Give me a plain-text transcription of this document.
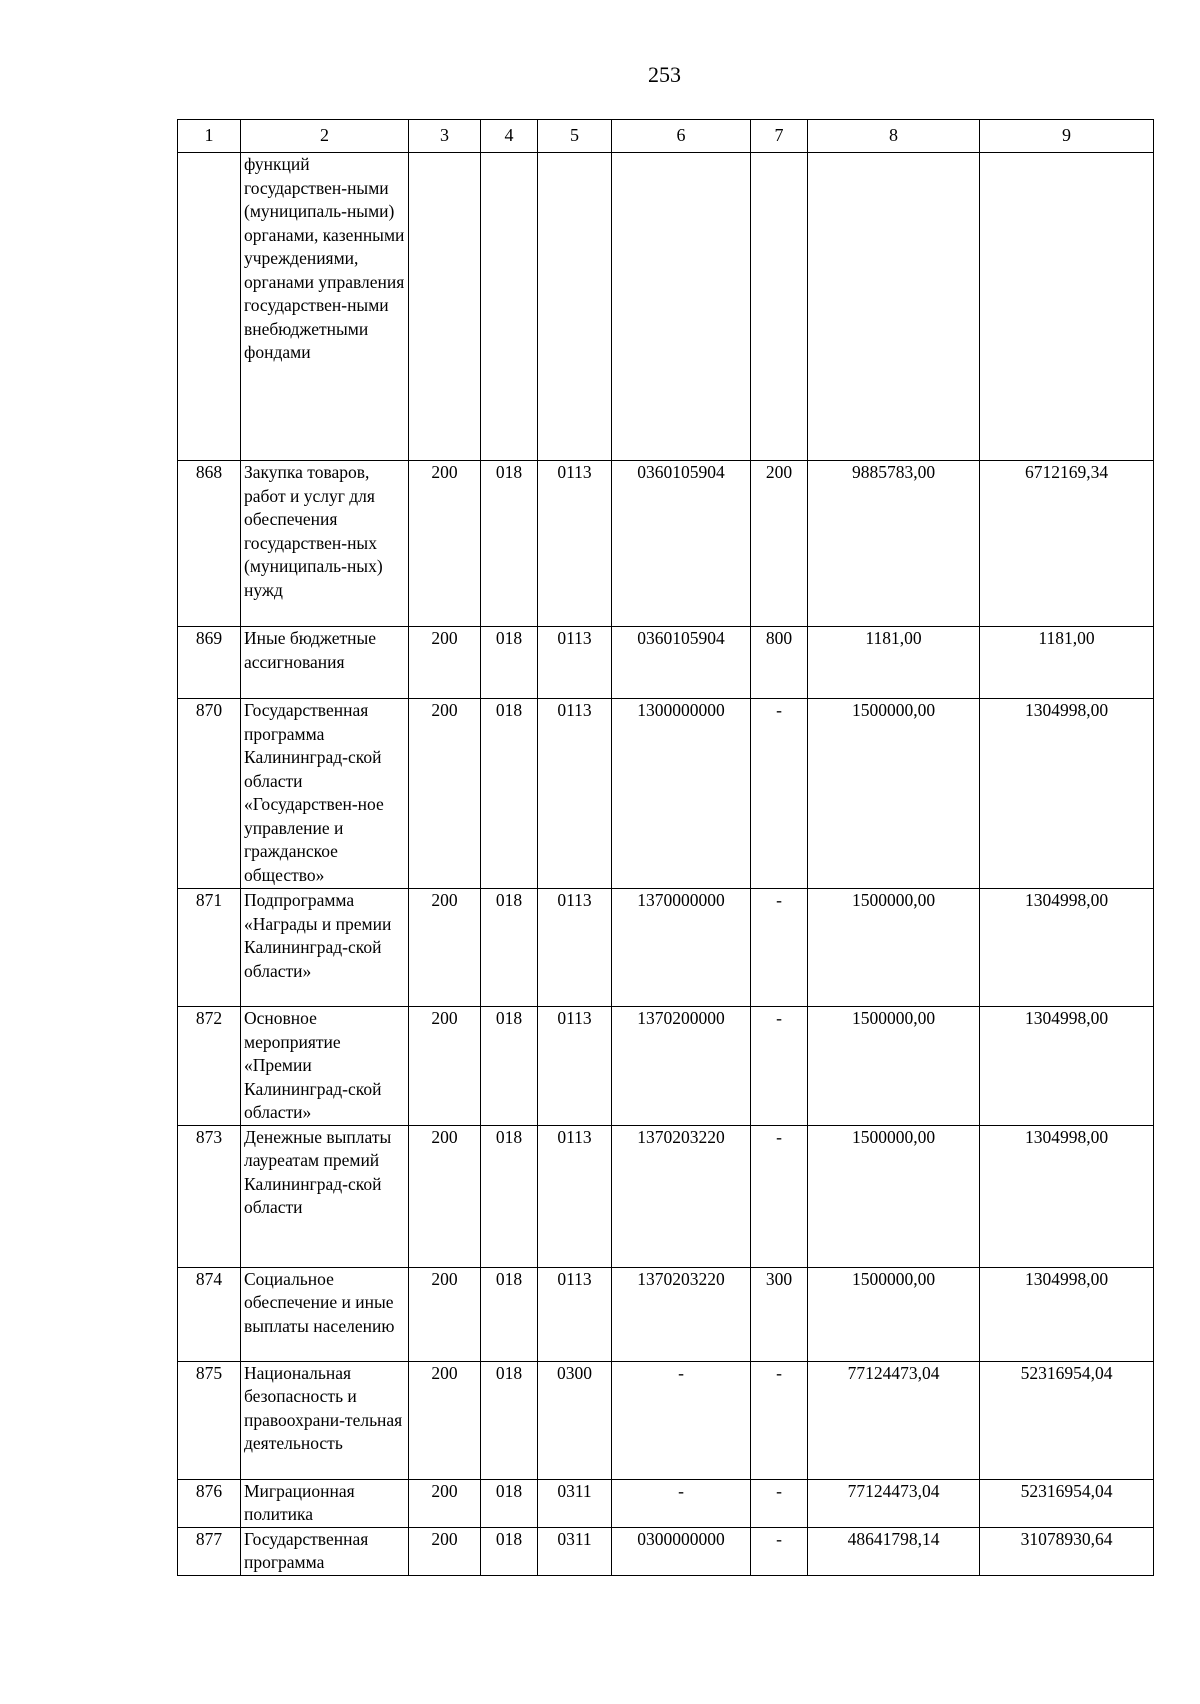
253
1	2	3	4	5	6	7	8	9
	функций государствен-ными (муниципаль-ными) органами, казенными учреждениями, органами управления государствен-ными внебюджетными фондами							
868	Закупка товаров, работ и услуг для обеспечения государствен-ных (муниципаль-ных) нужд	200	018	0113	0360105904	200	9885783,00	6712169,34
869	Иные бюджетные ассигнования	200	018	0113	0360105904	800	1181,00	1181,00
870	Государственная программа Калининград-ской области «Государствен-ное управление и гражданское общество»	200	018	0113	1300000000	-	1500000,00	1304998,00
871	Подпрограмма «Награды и премии Калининград-ской области»	200	018	0113	1370000000	-	1500000,00	1304998,00
872	Основное мероприятие «Премии Калининград-ской области»	200	018	0113	1370200000	-	1500000,00	1304998,00
873	Денежные выплаты лауреатам премий Калининград-ской области	200	018	0113	1370203220	-	1500000,00	1304998,00
874	Социальное обеспечение и иные выплаты населению	200	018	0113	1370203220	300	1500000,00	1304998,00
875	Национальная безопасность и правоохрани-тельная деятельность	200	018	0300	-	-	77124473,04	52316954,04
876	Миграционная политика	200	018	0311	-	-	77124473,04	52316954,04
877	Государственная программа	200	018	0311	0300000000	-	48641798,14	31078930,64
